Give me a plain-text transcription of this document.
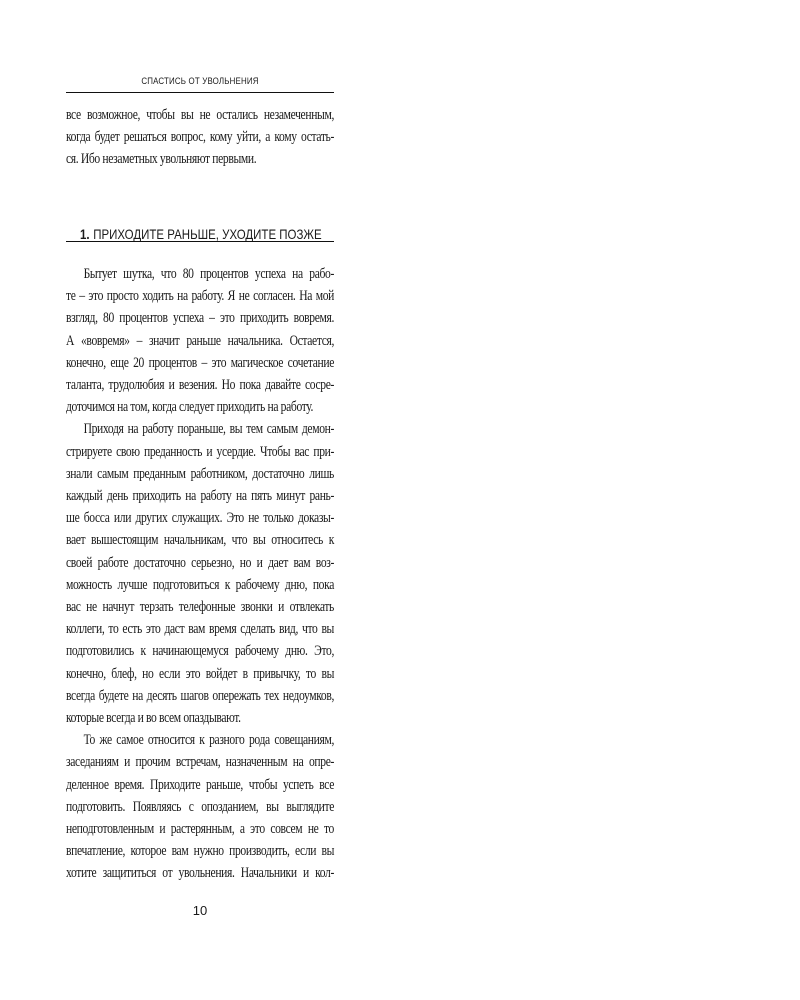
СПАСТИСЬ ОТ УВОЛЬНЕНИЯ
все возможное, чтобы вы не остались незамеченным,
когда будет решаться вопрос, кому уйти, а кому остать-
ся. Ибо незаметных увольняют первыми.
1. ПРИХОДИТЕ РАНЬШЕ, УХОДИТЕ ПОЗЖЕ
Бытует шутка, что 80 процентов успеха на рабо-
те – это просто ходить на работу. Я не согласен. На мой
взгляд, 80 процентов успеха – это приходить вовремя.
А «вовремя» – значит раньше начальника. Остается,
конечно, еще 20 процентов – это магическое сочетание
таланта, трудолюбия и везения. Но пока давайте сосре-
доточимся на том, когда следует приходить на работу.
Приходя на работу пораньше, вы тем самым демон-
стрируете свою преданность и усердие. Чтобы вас при-
знали самым преданным работником, достаточно лишь
каждый день приходить на работу на пять минут рань-
ше босса или других служащих. Это не только доказы-
вает вышестоящим начальникам, что вы относитесь к
своей работе достаточно серьезно, но и дает вам воз-
можность лучше подготовиться к рабочему дню, пока
вас не начнут терзать телефонные звонки и отвлекать
коллеги, то есть это даст вам время сделать вид, что вы
подготовились к начинающемуся рабочему дню. Это,
конечно, блеф, но если это войдет в привычку, то вы
всегда будете на десять шагов опережать тех недоумков,
которые всегда и во всем опаздывают.
То же самое относится к разного рода совещаниям,
заседаниям и прочим встречам, назначенным на опре-
деленное время. Приходите раньше, чтобы успеть все
подготовить. Появляясь с опозданием, вы выглядите
неподготовленным и растерянным, а это совсем не то
впечатление, которое вам нужно производить, если вы
хотите защититься от увольнения. Начальники и кол-
10
